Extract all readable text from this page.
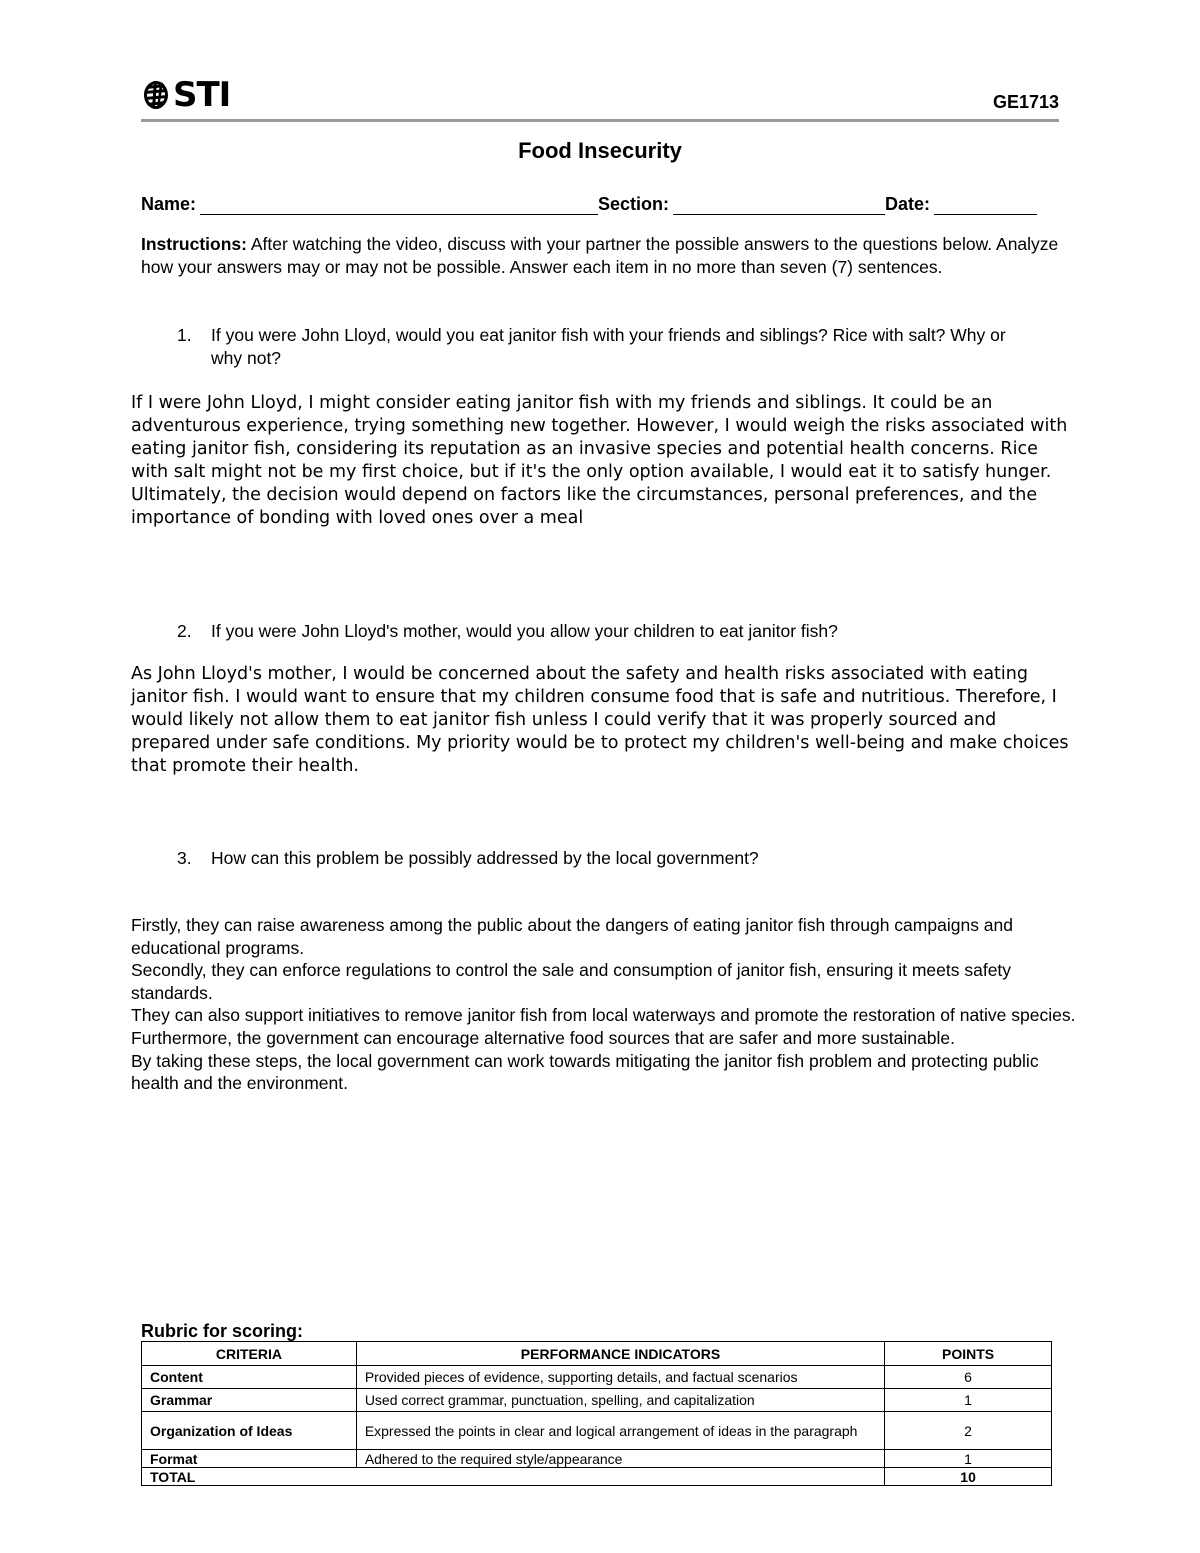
STI	GE1713
Food Insecurity
Name:	Section:	Date:
Instructions: After watching the video, discuss with your partner the possible answers to the questions below. Analyze how your answers may or may not be possible. Answer each item in no more than seven (7) sentences.
1.	If you were John Lloyd, would you eat janitor fish with your friends and siblings? Rice with salt? Why or why not?
If I were John Lloyd, I might consider eating janitor fish with my friends and siblings. It could be an adventurous experience, trying something new together. However, I would weigh the risks associated with eating janitor fish, considering its reputation as an invasive species and potential health concerns. Rice with salt might not be my first choice, but if it's the only option available, I would eat it to satisfy hunger. Ultimately, the decision would depend on factors like the circumstances, personal preferences, and the importance of bonding with loved ones over a meal
2.	If you were John Lloyd's mother, would you allow your children to eat janitor fish?
As John Lloyd's mother, I would be concerned about the safety and health risks associated with eating janitor fish. I would want to ensure that my children consume food that is safe and nutritious. Therefore, I would likely not allow them to eat janitor fish unless I could verify that it was properly sourced and prepared under safe conditions. My priority would be to protect my children's well-being and make choices that promote their health.
3.	How can this problem be possibly addressed by the local government?

Firstly, they can raise awareness among the public about the dangers of eating janitor fish through campaigns and educational programs.

Secondly, they can enforce regulations to control the sale and consumption of janitor fish, ensuring it meets safety standards.

They can also support initiatives to remove janitor fish from local waterways and promote the restoration of native species.

Furthermore, the government can encourage alternative food sources that are safer and more sustainable.

By taking these steps, the local government can work towards mitigating the janitor fish problem and protecting public health and the environment.

Rubric for scoring:
CRITERIA	PERFORMANCE INDICATORS	POINTS
Content	Provided pieces of evidence, supporting details, and factual scenarios	6
Grammar	Used correct grammar, punctuation, spelling, and capitalization	1
Organization of Ideas	Expressed the points in clear and logical arrangement of ideas in the paragraph	2
Format	Adhered to the required style/appearance	1
TOTAL		10
